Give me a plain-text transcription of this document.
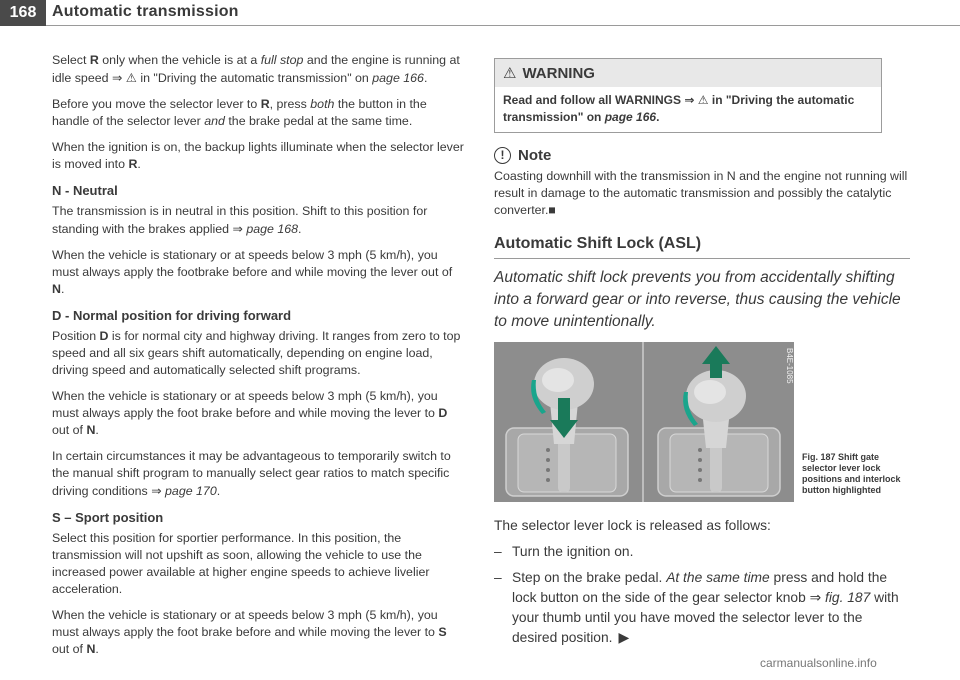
168 Automatic transmission

Select R only when the vehicle is at a full stop and the engine is running at idle speed ⇒ ⚠ in "Driving the automatic transmission" on page 166.

Before you move the selector lever to R, press both the button in the handle of the selector lever and the brake pedal at the same time.

When the ignition is on, the backup lights illuminate when the selector lever is moved into R.

N - Neutral

The transmission is in neutral in this position. Shift to this position for standing with the brakes applied ⇒ page 168.

When the vehicle is stationary or at speeds below 3 mph (5 km/h), you must always apply the footbrake before and while moving the lever out of N.

D - Normal position for driving forward

Position D is for normal city and highway driving. It ranges from zero to top speed and all six gears shift automatically, depending on engine load, driving speed and automatically selected shift programs.

When the vehicle is stationary or at speeds below 3 mph (5 km/h), you must always apply the foot brake before and while moving the lever to D out of N.

In certain circumstances it may be advantageous to temporarily switch to the manual shift program to manually select gear ratios to match specific driving conditions ⇒ page 170.

S – Sport position

Select this position for sportier performance. In this position, the transmission will not upshift as soon, allowing the vehicle to use the increased power available at higher engine speeds to achieve livelier acceleration.

When the vehicle is stationary or at speeds below 3 mph (5 km/h), you must always apply the foot brake before and while moving the lever to S out of N.

⚠ WARNING
Read and follow all WARNINGS ⇒ ⚠ in "Driving the automatic transmission" on page 166.
! Note

Coasting downhill with the transmission in N and the engine not running will result in damage to the automatic transmission and possibly the catalytic converter.■

Automatic Shift Lock (ASL)

Automatic shift lock prevents you from accidentally shifting into a forward gear or into reverse, thus causing the vehicle to move unintentionally.

B4E-1085
Fig. 187 Shift gate selector lever lock positions and interlock button highlighted
The selector lever lock is released as follows:
– Turn the ignition on.
– Step on the brake pedal. At the same time press and hold the lock button on the side of the gear selector knob ⇒ fig. 187 with your thumb until you have moved the selector lever to the desired position. ▶
carmanualsonline.info
